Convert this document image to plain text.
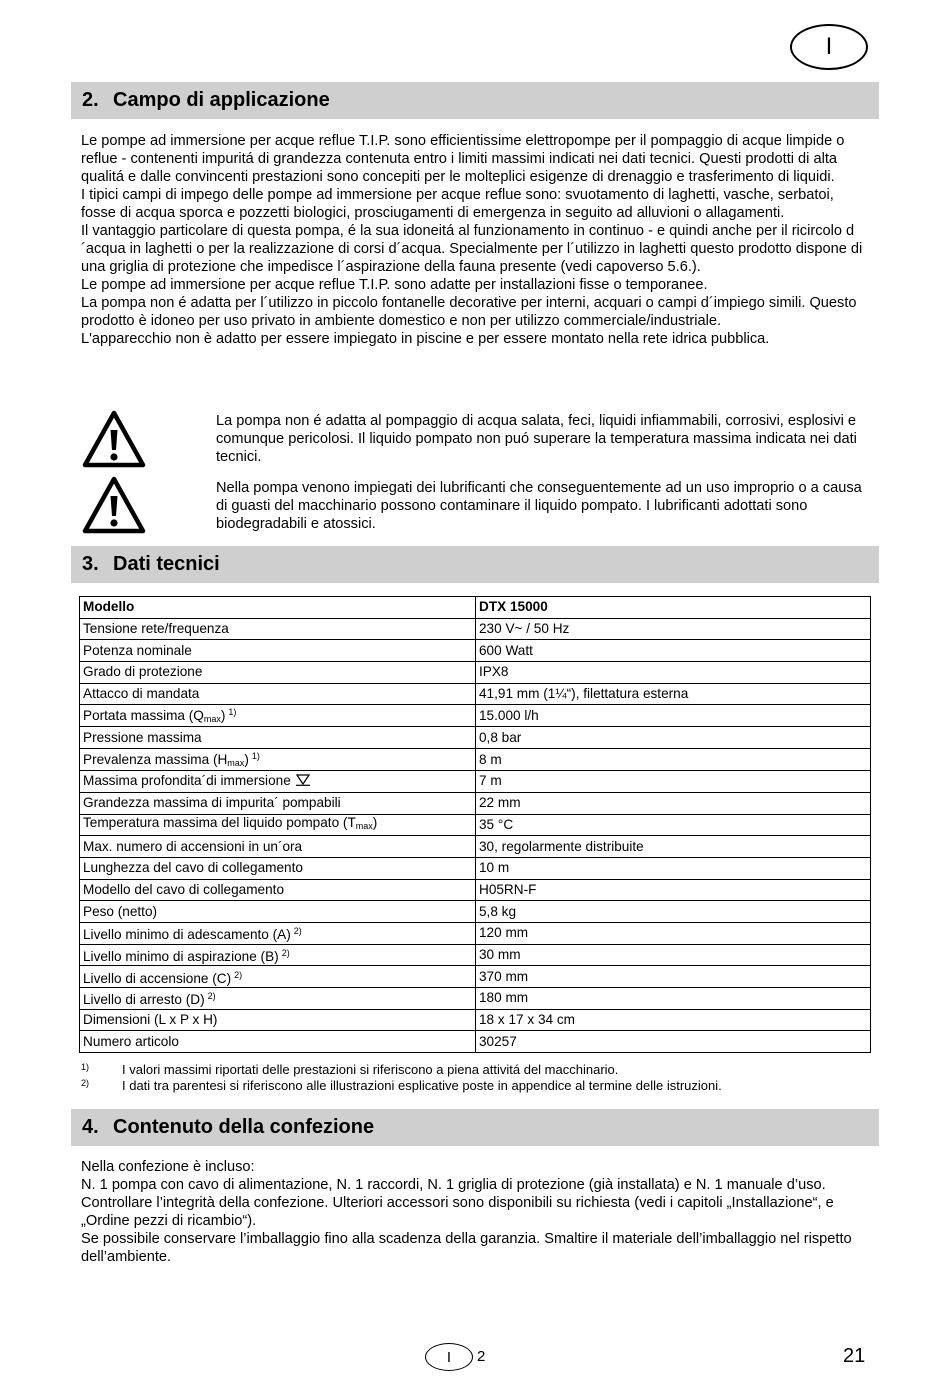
I
2. Campo di applicazione

Le pompe ad immersione per acque reflue T.I.P. sono efficientissime elettropompe per il pompaggio di acque limpide o reflue - contenenti impuritá di grandezza contenuta entro i limiti massimi indicati nei dati tecnici. Questi prodotti di alta qualitá e dalle convincenti prestazioni sono concepiti per le molteplici esigenze di drenaggio e trasferimento di liquidi.

I tipici campi di impego delle pompe ad immersione per acque reflue sono: svuotamento di laghetti, vasche, serbatoi, fosse di acqua sporca e pozzetti biologici, prosciugamenti di emergenza in seguito ad alluvioni o allagamenti.

Il vantaggio particolare di questa pompa, é la sua idoneitá al funzionamento in continuo - e quindi anche per il ricircolo d´acqua in laghetti o per la realizzazione di corsi d´acqua. Specialmente per l´utilizzo in laghetti questo prodotto dispone di una griglia di protezione che impedisce l´aspirazione della fauna presente (vedi capoverso 5.6.).

Le pompe ad immersione per acque reflue T.I.P. sono adatte per installazioni fisse o temporanee.

La pompa non é adatta per l´utilizzo in piccolo fontanelle decorative per interni, acquari o campi d´impiego simili. Questo prodotto è idoneo per uso privato in ambiente domestico e non per utilizzo commerciale/industriale.

L'apparecchio non è adatto per essere impiegato in piscine e per essere montato nella rete idrica pubblica.

La pompa non é adatta al pompaggio di acqua salata, feci, liquidi infiammabili, corrosivi, esplosivi e comunque pericolosi. Il liquido pompato non puó superare la temperatura massima indicata nei dati tecnici.
Nella pompa venono impiegati dei lubrificanti che conseguentemente ad un uso improprio o a causa di guasti del macchinario possono contaminare il liquido pompato. I lubrificanti adottati sono biodegradabili e atossici.
3. Dati tecnici
Modello	DTX 15000
Tensione rete/frequenza	230 V~ / 50 Hz
Potenza nominale	600 Watt
Grado di protezione	IPX8
Attacco di mandata	41,91 mm (1¼“), filettatura esterna
Portata massima $(Q_{max})$ $^{1)}$	15.000 l/h
Pressione massima	0,8 bar
Prevalenza massima $(H_{max})$ $^{1)}$	8 m
Massima profondita´di immersione	7 m
Grandezza massima di impurita´ pompabili	22 mm
Temperatura massima del liquido pompato $(T_{max})$	35 °C
Max. numero di accensioni in un´ora	30, regolarmente distribuite
Lunghezza del cavo di collegamento	10 m
Modello del cavo di collegamento	H05RN-F
Peso (netto)	5,8 kg
Livello minimo di adescamento (A) $^{2)}$	120 mm
Livello minimo di aspirazione (B) $^{2)}$	30 mm
Livello di accensione (C) $^{2)}$	370 mm
Livello di arresto (D) $^{2)}$	180 mm
Dimensioni (L x P x H)	18 x 17 x 34 cm
Numero articolo	30257
1)	I valori massimi riportati delle prestazioni si riferiscono a piena attivitá del macchinario.
2)	I dati tra parentesi si riferiscono alle illustrazioni esplicative poste in appendice al termine delle istruzioni.
4. Contenuto della confezione

Nella confezione è incluso:

N. 1 pompa con cavo di alimentazione, N. 1 raccordi, N. 1 griglia di protezione (già installata) e N. 1 manuale d’uso.

Controllare l’integrità della confezione. Ulteriori accessori sono disponibili su richiesta (vedi i capitoli „Installazione“, e „Ordine pezzi di ricambio“).

Se possibile conservare l’imballaggio fino alla scadenza della garanzia. Smaltire il materiale dell’imballaggio nel rispetto dell’ambiente.

I	2	21
